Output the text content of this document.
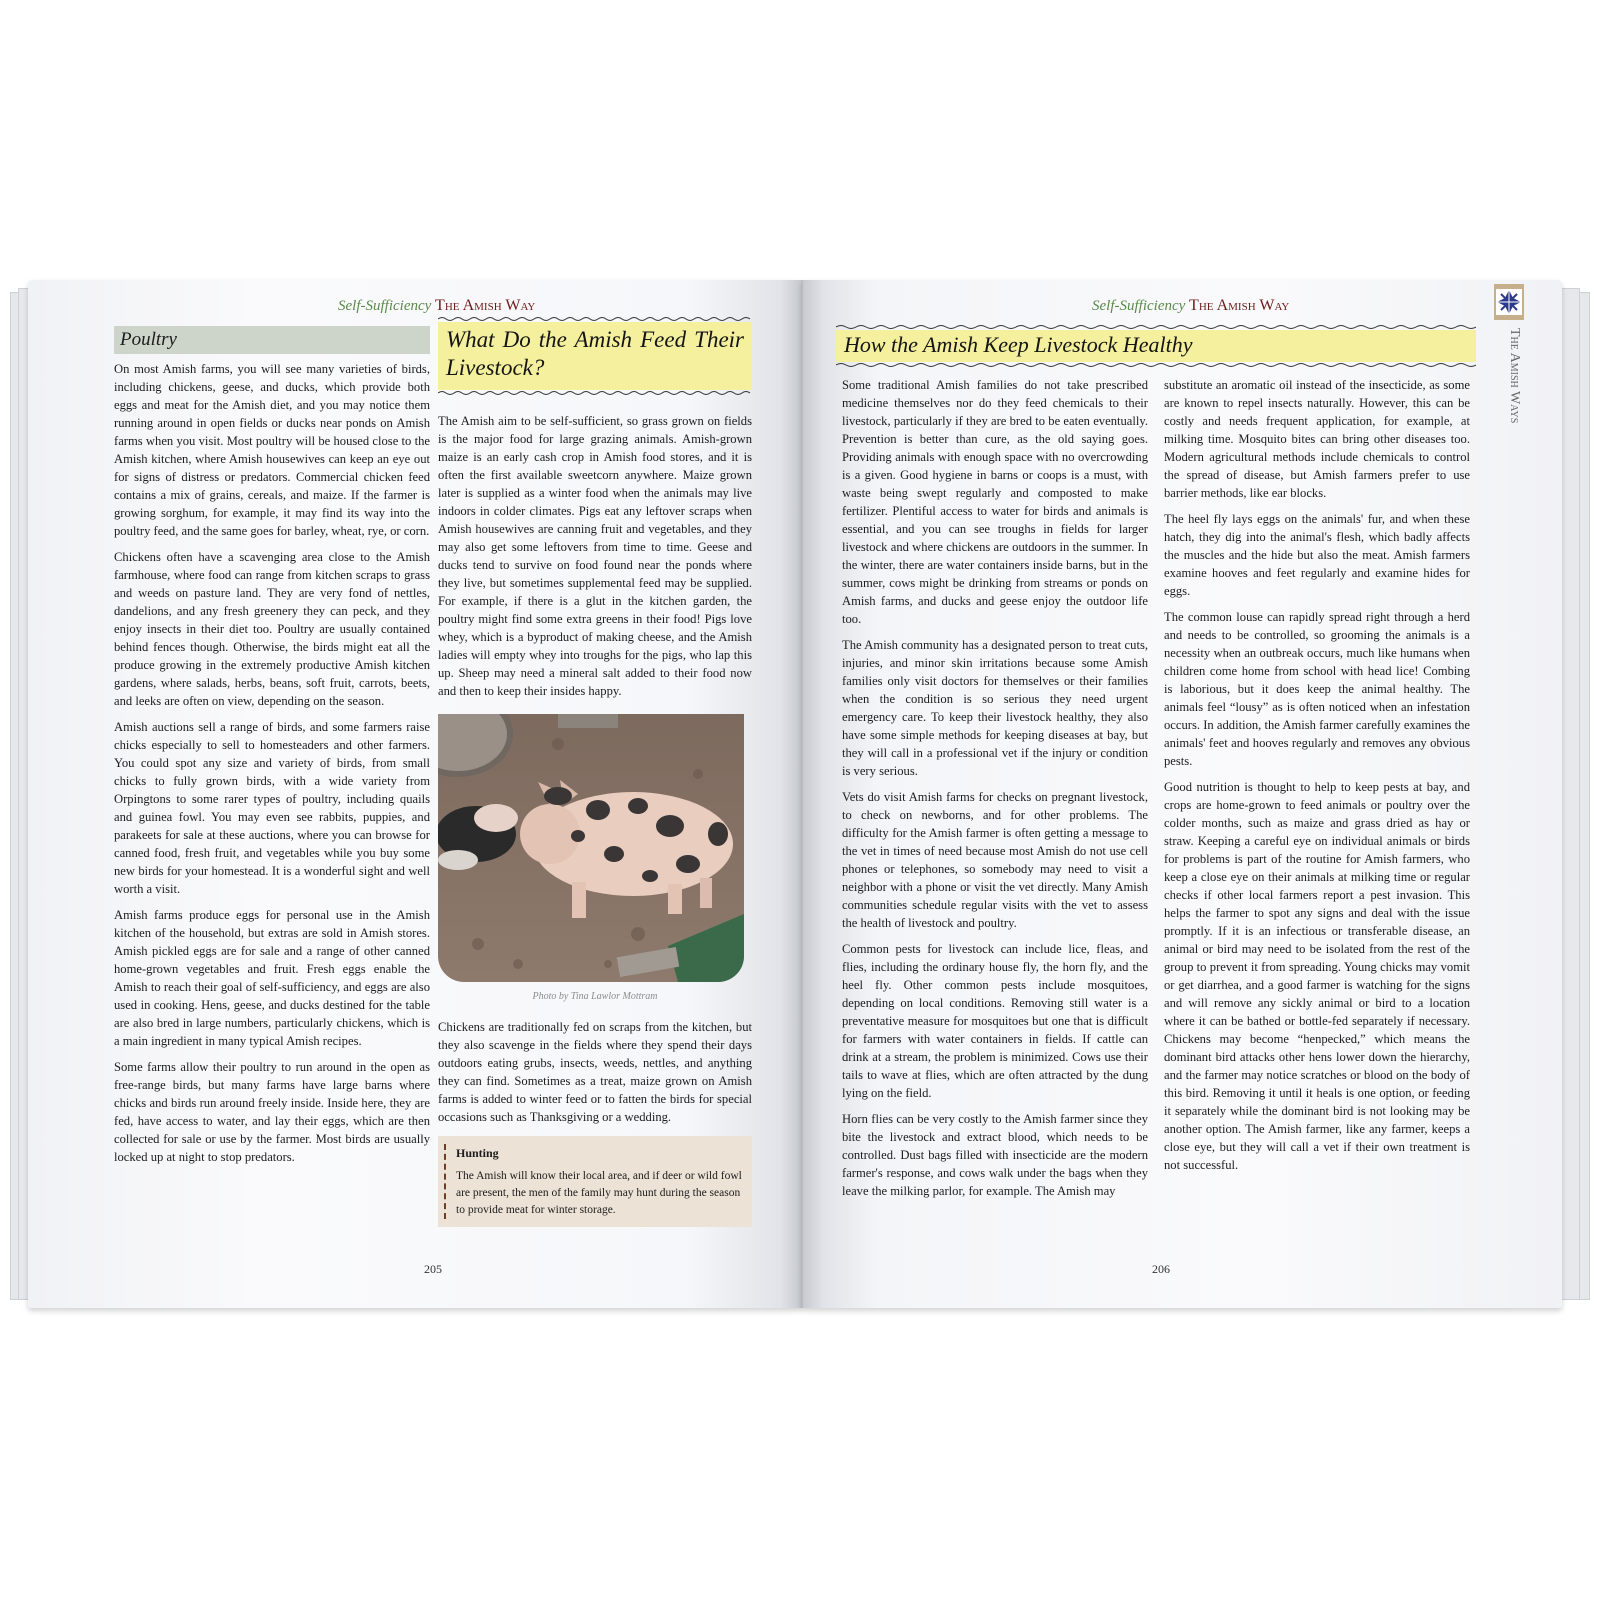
Self-Sufficiency The Amish Way
Poultry

On most Amish farms, you will see many varieties of birds, including chickens, geese, and ducks, which provide both eggs and meat for the Amish diet, and you may notice them running around in open fields or ducks near ponds on Amish farms when you visit. Most poultry will be housed close to the Amish kitchen, where Amish housewives can keep an eye out for signs of distress or predators. Commercial chicken feed contains a mix of grains, cereals, and maize. If the farmer is growing sorghum, for example, it may find its way into the poultry feed, and the same goes for barley, wheat, rye, or corn.

Chickens often have a scavenging area close to the Amish farmhouse, where food can range from kitchen scraps to grass and weeds on pasture land. They are very fond of nettles, dandelions, and any fresh greenery they can peck, and they enjoy insects in their diet too. Poultry are usually contained behind fences though. Otherwise, the birds might eat all the produce growing in the extremely productive Amish kitchen gardens, where salads, herbs, beans, soft fruit, carrots, beets, and leeks are often on view, depending on the season.

Amish auctions sell a range of birds, and some farmers raise chicks especially to sell to homesteaders and other farmers. You could spot any size and variety of birds, from small chicks to fully grown birds, with a wide variety from Orpingtons to some rarer types of poultry, including quails and guinea fowl. You may even see rabbits, puppies, and parakeets for sale at these auctions, where you can browse for canned food, fresh fruit, and vegetables while you buy some new birds for your homestead. It is a wonderful sight and well worth a visit.

Amish farms produce eggs for personal use in the Amish kitchen of the household, but extras are sold in Amish stores. Amish pickled eggs are for sale and a range of other canned home-grown vegetables and fruit. Fresh eggs enable the Amish to reach their goal of self-sufficiency, and eggs are also used in cooking. Hens, geese, and ducks destined for the table are also bred in large numbers, particularly chickens, which is a main ingredient in many typical Amish recipes.

Some farms allow their poultry to run around in the open as free-range birds, but many farms have large barns where chicks and birds run around freely inside. Inside here, they are fed, have access to water, and lay their eggs, which are then collected for sale or use by the farmer. Most birds are usually locked up at night to stop predators.

What Do the Amish Feed Their Livestock?

The Amish aim to be self-sufficient, so grass grown on fields is the major food for large grazing animals. Amish-grown maize is an early cash crop in Amish food stores, and it is often the first available sweetcorn anywhere. Maize grown later is supplied as a winter food when the animals may live indoors in colder climates. Pigs eat any leftover scraps when Amish housewives are canning fruit and vegetables, and they may also get some leftovers from time to time. Geese and ducks tend to survive on food found near the ponds where they live, but sometimes supplemental feed may be supplied. For example, if there is a glut in the kitchen garden, the poultry might find some extra greens in their food! Pigs love whey, which is a byproduct of making cheese, and the Amish ladies will empty whey into troughs for the pigs, who lap this up. Sheep may need a mineral salt added to their food now and then to keep their insides happy.

Photo by Tina Lawlor Mottram

Chickens are traditionally fed on scraps from the kitchen, but they also scavenge in the fields where they spend their days outdoors eating grubs, insects, weeds, nettles, and anything they can find. Sometimes as a treat, maize grown on Amish farms is added to winter feed or to fatten the birds for special occasions such as Thanksgiving or a wedding.

Hunting
The Amish will know their local area, and if deer or wild fowl are present, the men of the family may hunt during the season to provide meat for winter storage.
205
Self-Sufficiency The Amish Way
How the Amish Keep Livestock Healthy

Some traditional Amish families do not take prescribed medicine themselves nor do they feed chemicals to their livestock, particularly if they are bred to be eaten eventually. Prevention is better than cure, as the old saying goes. Providing animals with enough space with no overcrowding is a given. Good hygiene in barns or coops is a must, with waste being swept regularly and composted to make fertilizer. Plentiful access to water for birds and animals is essential, and you can see troughs in fields for larger livestock and where chickens are outdoors in the summer. In the winter, there are water containers inside barns, but in the summer, cows might be drinking from streams or ponds on Amish farms, and ducks and geese enjoy the outdoor life too.

The Amish community has a designated person to treat cuts, injuries, and minor skin irritations because some Amish families only visit doctors for themselves or their families when the condition is so serious they need urgent emergency care. To keep their livestock healthy, they also have some simple methods for keeping diseases at bay, but they will call in a professional vet if the injury or condition is very serious.

Vets do visit Amish farms for checks on pregnant livestock, to check on newborns, and for other problems. The difficulty for the Amish farmer is often getting a message to the vet in times of need because most Amish do not use cell phones or telephones, so somebody may need to visit a neighbor with a phone or visit the vet directly. Many Amish communities schedule regular visits with the vet to assess the health of livestock and poultry.

Common pests for livestock can include lice, fleas, and flies, including the ordinary house fly, the horn fly, and the heel fly. Other common pests include mosquitoes, depending on local conditions. Removing still water is a preventative measure for mosquitoes but one that is difficult for farmers with water containers in fields. If cattle can drink at a stream, the problem is minimized. Cows use their tails to wave at flies, which are often attracted by the dung lying on the field.

Horn flies can be very costly to the Amish farmer since they bite the livestock and extract blood, which needs to be controlled. Dust bags filled with insecticide are the modern farmer's response, and cows walk under the bags when they leave the milking parlor, for example. The Amish may

substitute an aromatic oil instead of the insecticide, as some are known to repel insects naturally. However, this can be costly and needs frequent application, for example, at milking time. Mosquito bites can bring other diseases too. Modern agricultural methods include chemicals to control the spread of disease, but Amish farmers prefer to use barrier methods, like ear blocks.

The heel fly lays eggs on the animals' fur, and when these hatch, they dig into the animal's flesh, which badly affects the muscles and the hide but also the meat. Amish farmers examine hooves and feet regularly and examine hides for eggs.

The common louse can rapidly spread right through a herd and needs to be controlled, so grooming the animals is a necessity when an outbreak occurs, much like humans when children come home from school with head lice! Combing is laborious, but it does keep the animal healthy. The animals feel “lousy” as is often noticed when an infestation occurs. In addition, the Amish farmer carefully examines the animals' feet and hooves regularly and removes any obvious pests.

Good nutrition is thought to help to keep pests at bay, and crops are home-grown to feed animals or poultry over the colder months, such as maize and grass dried as hay or straw. Keeping a careful eye on individual animals or birds for problems is part of the routine for Amish farmers, who keep a close eye on their animals at milking time or regular checks if other local farmers report a pest invasion. This helps the farmer to spot any signs and deal with the issue promptly. If it is an infectious or transferable disease, an animal or bird may need to be isolated from the rest of the group to prevent it from spreading. Young chicks may vomit or get diarrhea, and a good farmer is watching for the signs and will remove any sickly animal or bird to a location where it can be bathed or bottle-fed separately if necessary. Chickens may become “henpecked,” which means the dominant bird attacks other hens lower down the hierarchy, and the farmer may notice scratches or blood on the body of this bird. Removing it until it heals is one option, or feeding it separately while the dominant bird is not looking may be another option. The Amish farmer, like any farmer, keeps a close eye, but they will call a vet if their own treatment is not successful.

206
The Amish Ways
